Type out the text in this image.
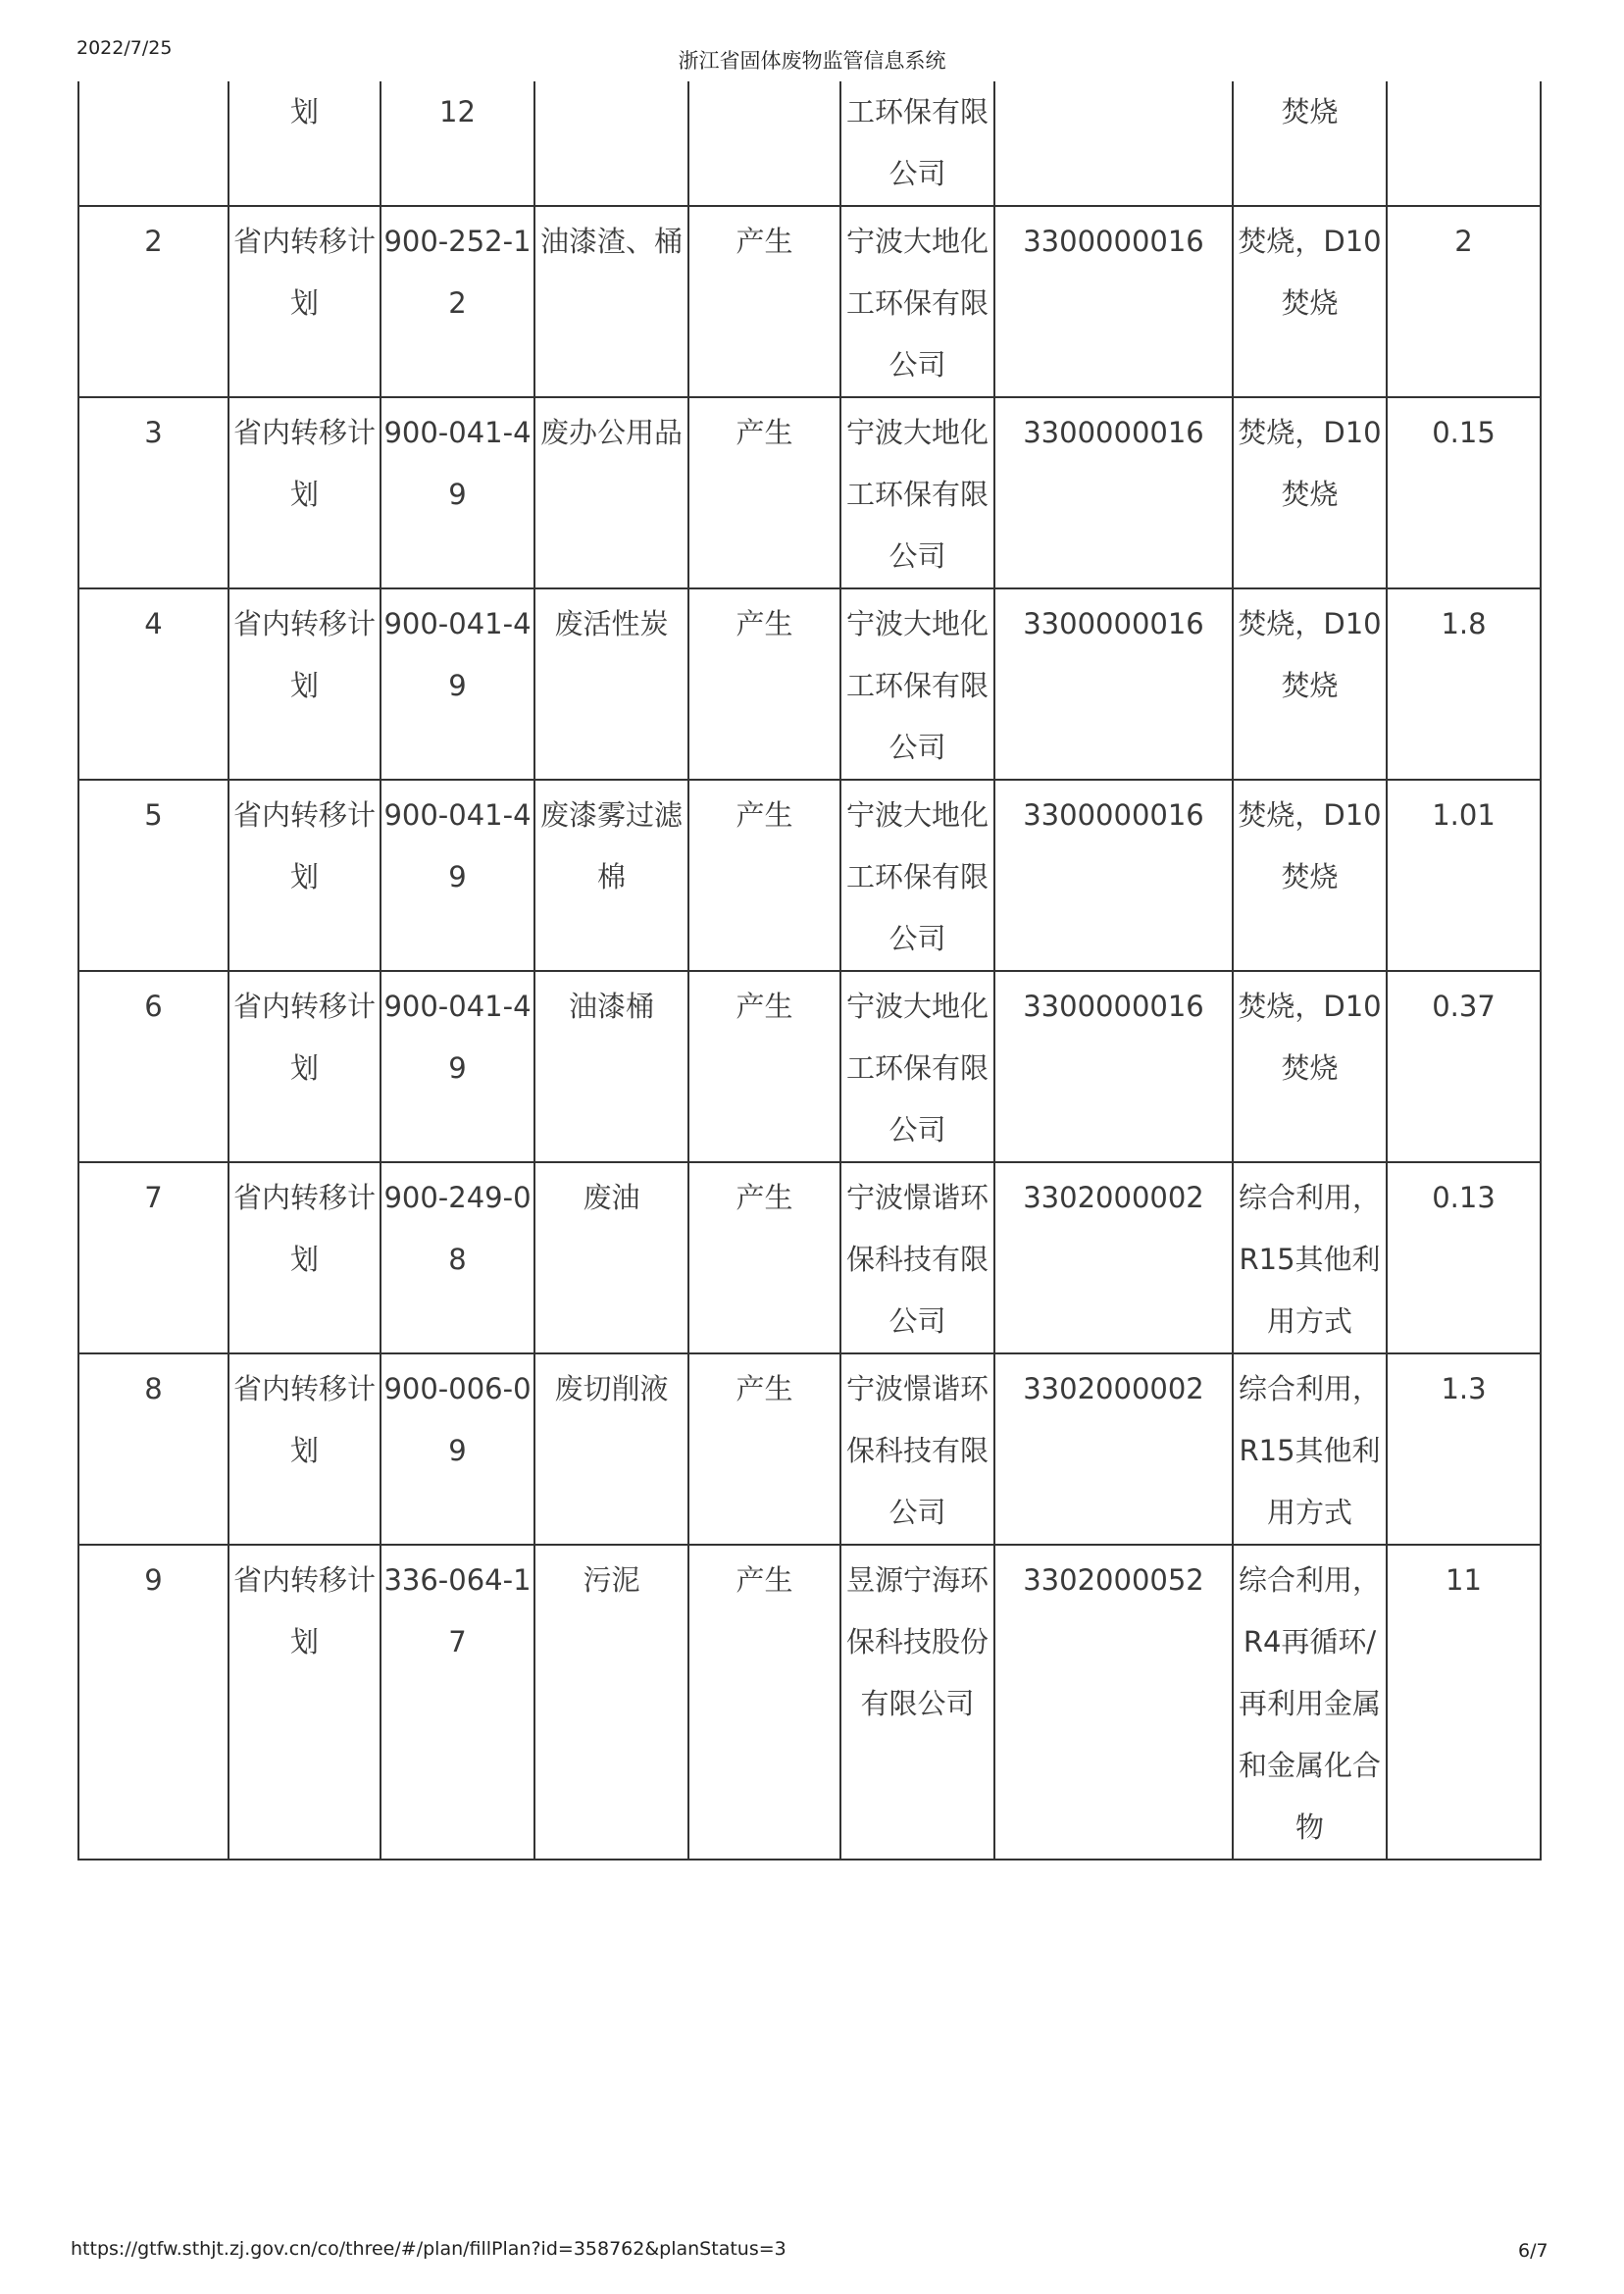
2022/7/25
浙江省固体废物监管信息系统
	划	12			工环保有限公司		焚烧	
2	省内转移计划	900-252-12	油漆渣、桶	产生	宁波大地化工环保有限公司	3300000016	焚烧，D10焚烧	2
3	省内转移计划	900-041-49	废办公用品	产生	宁波大地化工环保有限公司	3300000016	焚烧，D10焚烧	0.15
4	省内转移计划	900-041-49	废活性炭	产生	宁波大地化工环保有限公司	3300000016	焚烧，D10焚烧	1.8
5	省内转移计划	900-041-49	废漆雾过滤棉	产生	宁波大地化工环保有限公司	3300000016	焚烧，D10焚烧	1.01
6	省内转移计划	900-041-49	油漆桶	产生	宁波大地化工环保有限公司	3300000016	焚烧，D10焚烧	0.37
7	省内转移计划	900-249-08	废油	产生	宁波憬谐环保科技有限公司	3302000002	综合利用，R15其他利用方式	0.13
8	省内转移计划	900-006-09	废切削液	产生	宁波憬谐环保科技有限公司	3302000002	综合利用，R15其他利用方式	1.3
9	省内转移计划	336-064-17	污泥	产生	昱源宁海环保科技股份有限公司	3302000052	综合利用，R4再循环/再利用金属和金属化合物	11
https://gtfw.sthjt.zj.gov.cn/co/three/#/plan/fillPlan?id=358762&planStatus=3	6/7
